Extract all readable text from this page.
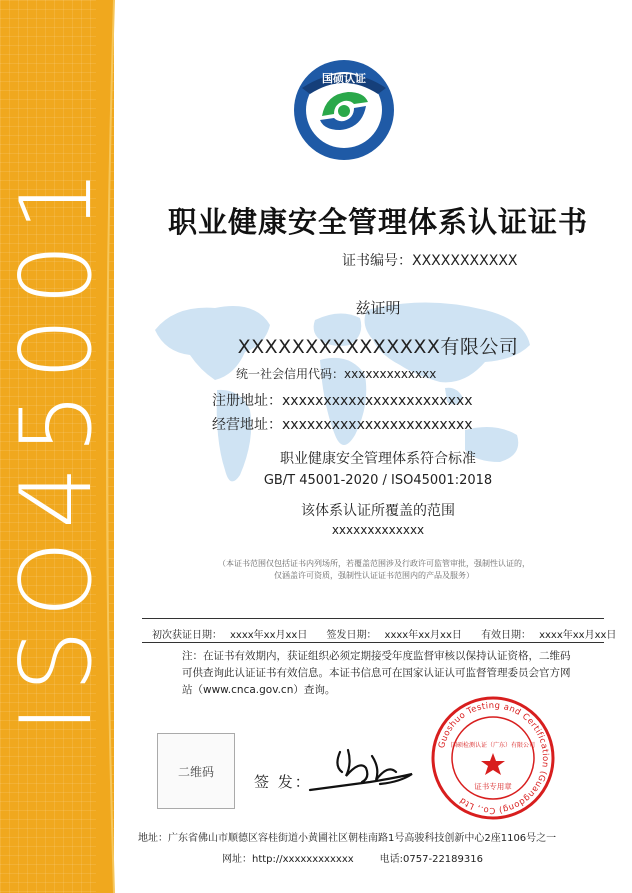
ISO45001
国硕认证
职业健康安全管理体系认证证书
证书编号：XXXXXXXXXXX
兹证明
XXXXXXXXXXXXXXX有限公司
统一社会信用代码：xxxxxxxxxxxxx
注册地址：xxxxxxxxxxxxxxxxxxxxxxx
经营地址：xxxxxxxxxxxxxxxxxxxxxxx
职业健康安全管理体系符合标准
GB/T 45001-2020 / ISO45001:2018
该体系认证所覆盖的范围
xxxxxxxxxxxxx
（本证书范围仅包括证书内列场所，若覆盖范围涉及行政许可监管审批，强制性认证的，
仅涵盖许可资质，强制性认证证书范围内的产品及服务）
初次获证日期： xxxx年xx月xx日 签发日期： xxxx年xx月xx日 有效日期： xxxx年xx月xx日
注：在证书有效期内，获证组织必须定期接受年度监督审核以保持认证资格，二维码可供查询此认证证书有效信息。本证书信息可在国家认证认可监督管理委员会官方网站（www.cnca.gov.cn）查询。
二维码
签 发：
Guoshuo Testing and Certification (Guangdong) Co., Ltd
国硕检测认证（广东）有限公司
证书专用章
地址：广东省佛山市顺德区容桂街道小黄圃社区朝桂南路1号高骏科技创新中心2座1106号之一
网址：http://xxxxxxxxxxxx	电话:0757-22189316
